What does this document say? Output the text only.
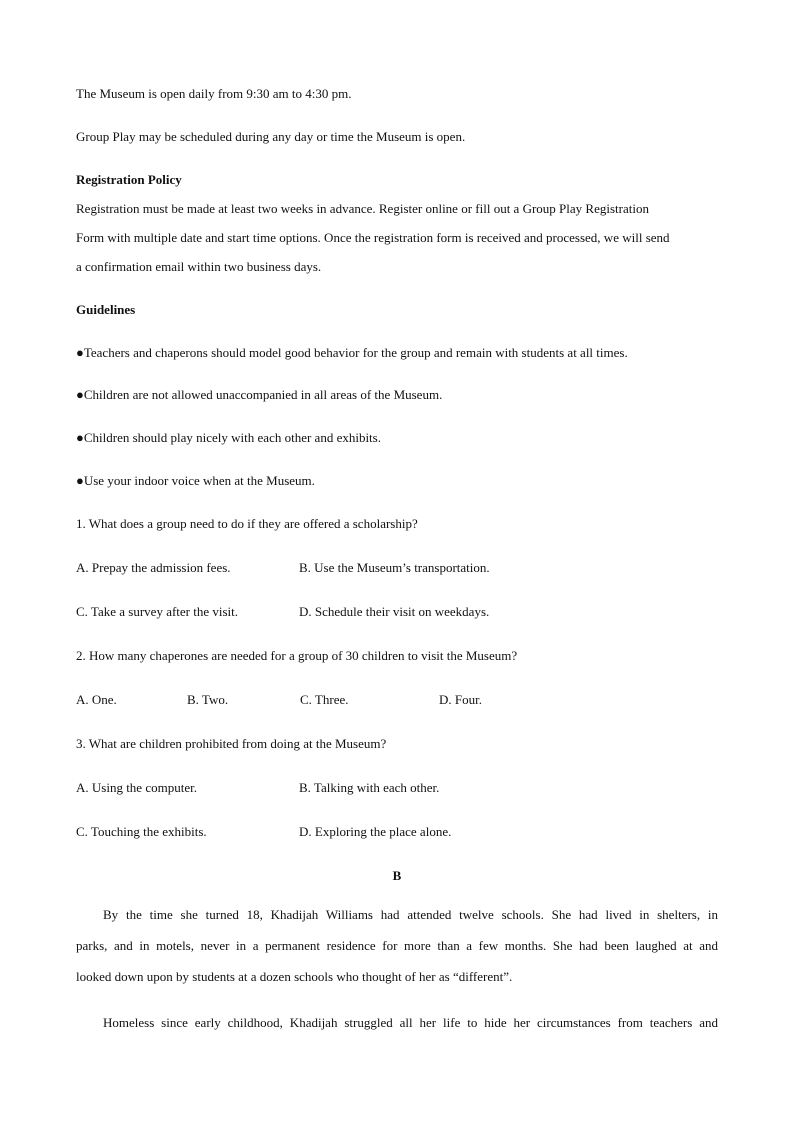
The Museum is open daily from 9:30 am to 4:30 pm.
Group Play may be scheduled during any day or time the Museum is open.
Registration Policy
Registration must be made at least two weeks in advance. Register online or fill out a Group Play Registration
Form with multiple date and start time options. Once the registration form is received and processed, we will send
a confirmation email within two business days.
Guidelines
●Teachers and chaperons should model good behavior for the group and remain with students at all times.
●Children are not allowed unaccompanied in all areas of the Museum.
●Children should play nicely with each other and exhibits.
●Use your indoor voice when at the Museum.
1. What does a group need to do if they are offered a scholarship?
A. Prepay the admission fees.	B. Use the Museum’s transportation.
C. Take a survey after the visit.	D. Schedule their visit on weekdays.
2. How many chaperones are needed for a group of 30 children to visit the Museum?
A. One.	B. Two.	C. Three.	D. Four.
3. What are children prohibited from doing at the Museum?
A. Using the computer.	B. Talking with each other.
C. Touching the exhibits.	D. Exploring the place alone.
B
By the time she turned 18, Khadijah Williams had attended twelve schools. She had lived in shelters, in
parks, and in motels, never in a permanent residence for more than a few months. She had been laughed at and
looked down upon by students at a dozen schools who thought of her as “different”.
Homeless since early childhood, Khadijah struggled all her life to hide her circumstances from teachers and
